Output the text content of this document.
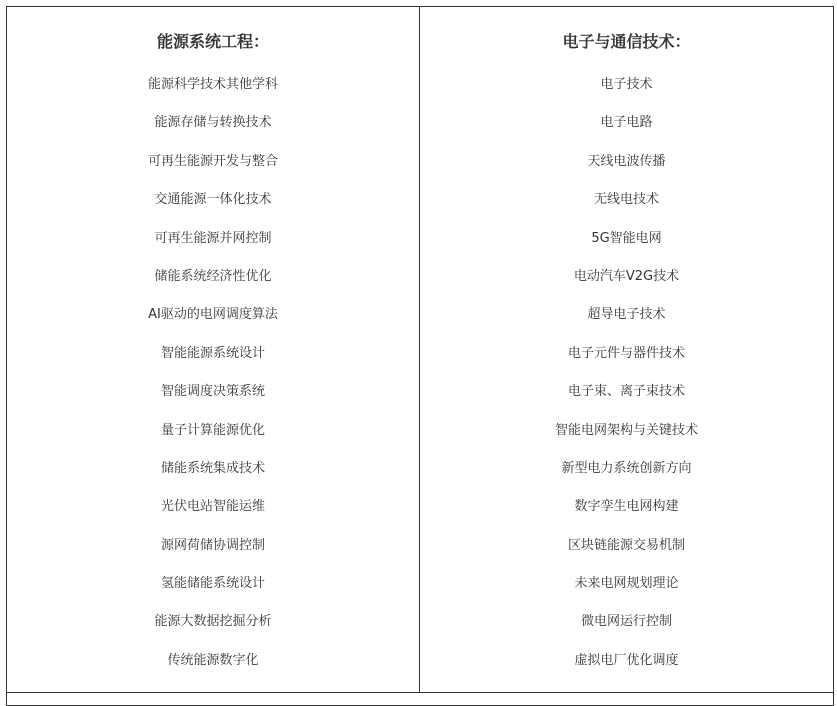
能源系统工程：
能源科学技术其他学科
能源存储与转换技术
可再生能源开发与整合
交通能源一体化技术
可再生能源并网控制
储能系统经济性优化
AI驱动的电网调度算法
智能能源系统设计
智能调度决策系统
量子计算能源优化
储能系统集成技术
光伏电站智能运维
源网荷储协调控制
氢能储能系统设计
能源大数据挖掘分析
传统能源数字化

电子与通信技术：
电子技术
电子电路
天线电波传播
无线电技术
5G智能电网
电动汽车V2G技术
超导电子技术
电子元件与器件技术
电子束、离子束技术
智能电网架构与关键技术
新型电力系统创新方向
数字孪生电网构建
区块链能源交易机制
未来电网规划理论
微电网运行控制
虚拟电厂优化调度
